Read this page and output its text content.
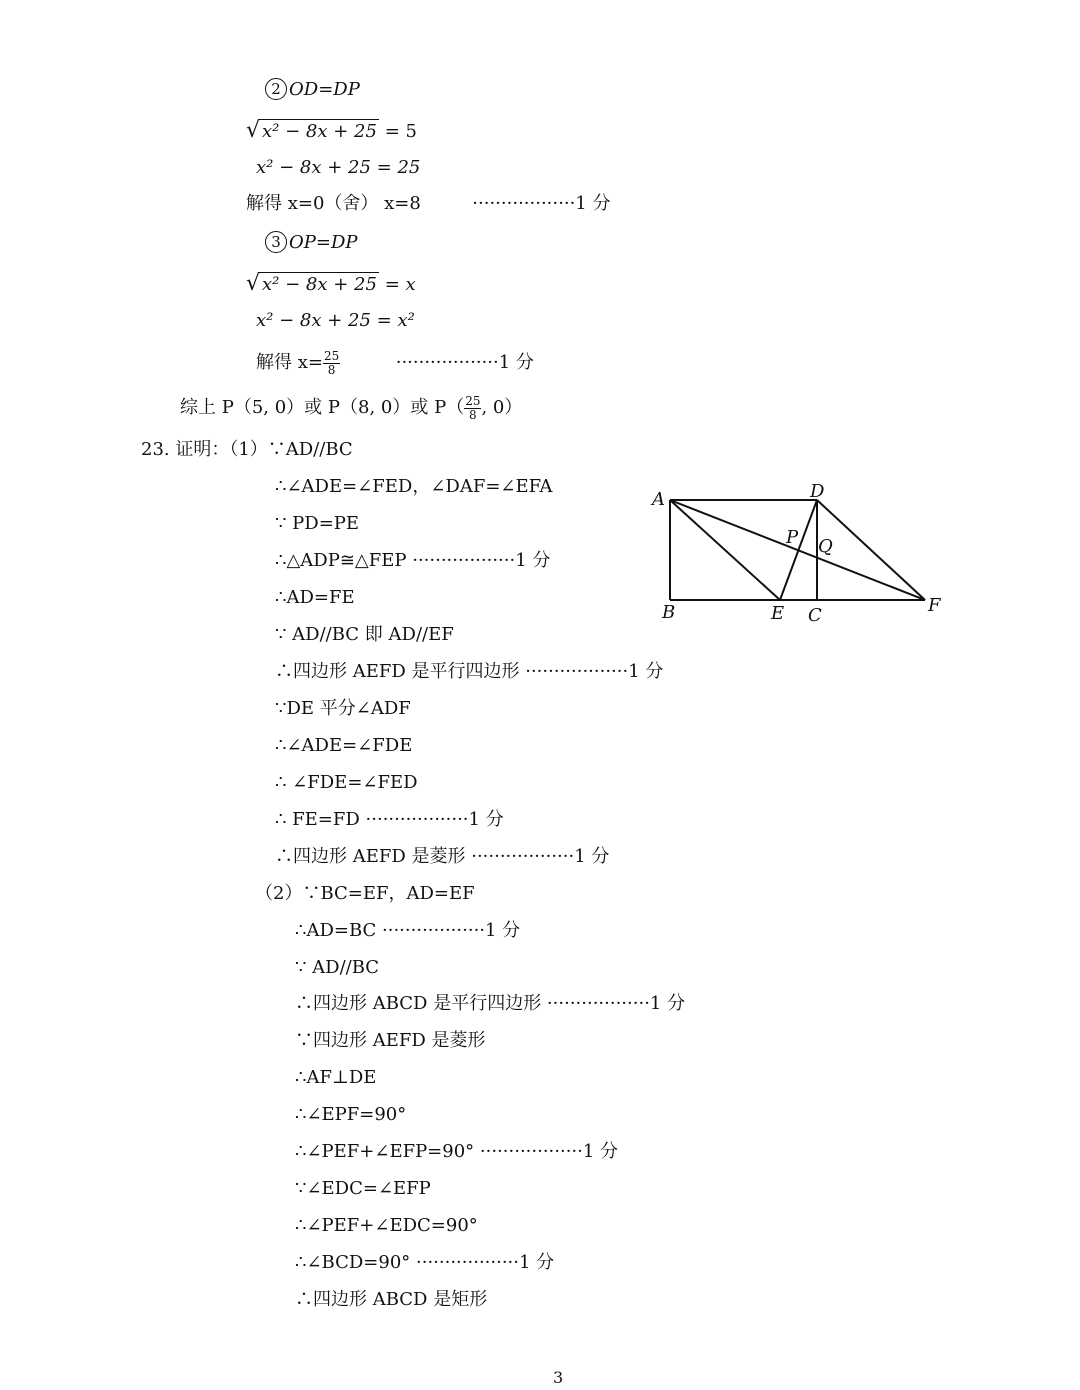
2 OD=DP
√ x² − 8x + 25 = 5
x² − 8x + 25 = 25
解得 x=0（舍） x=8	··················1 分
3 OP=DP
√ x² − 8x + 25 = x
x² − 8x + 25 = x²
解得 $x= \frac{25}{8}$	··················1 分
综上 P（5, 0）或 P（8, 0）或 $P( \frac{25}{8}$ , 0）
23. 证明：（1）∵AD//BC
∴∠ADE=∠FED，∠DAF=∠EFA
∵ PD=PE
∴△ADP≅△FEP ··················1 分
∴AD=FE
∵ AD//BC 即 AD//EF
∴四边形 AEFD 是平行四边形 ··················1 分
∵DE 平分∠ADF
∴∠ADE=∠FDE
∴ ∠FDE=∠FED
∴ FE=FD ··················1 分
∴四边形 AEFD 是菱形 ··················1 分
（2）∵BC=EF，AD=EF
∴AD=BC ··················1 分
∵ AD//BC
∴四边形 ABCD 是平行四边形 ··················1 分
∵四边形 AEFD 是菱形
∴AF⊥DE
∴∠EPF=90°
∴∠PEF+∠EFP=90° ··················1 分
∵∠EDC=∠EFP
∴∠PEF+∠EDC=90°
∴∠BCD=90° ··················1 分
∴四边形 ABCD 是矩形
A	D
P Q
B	E C	F
3
